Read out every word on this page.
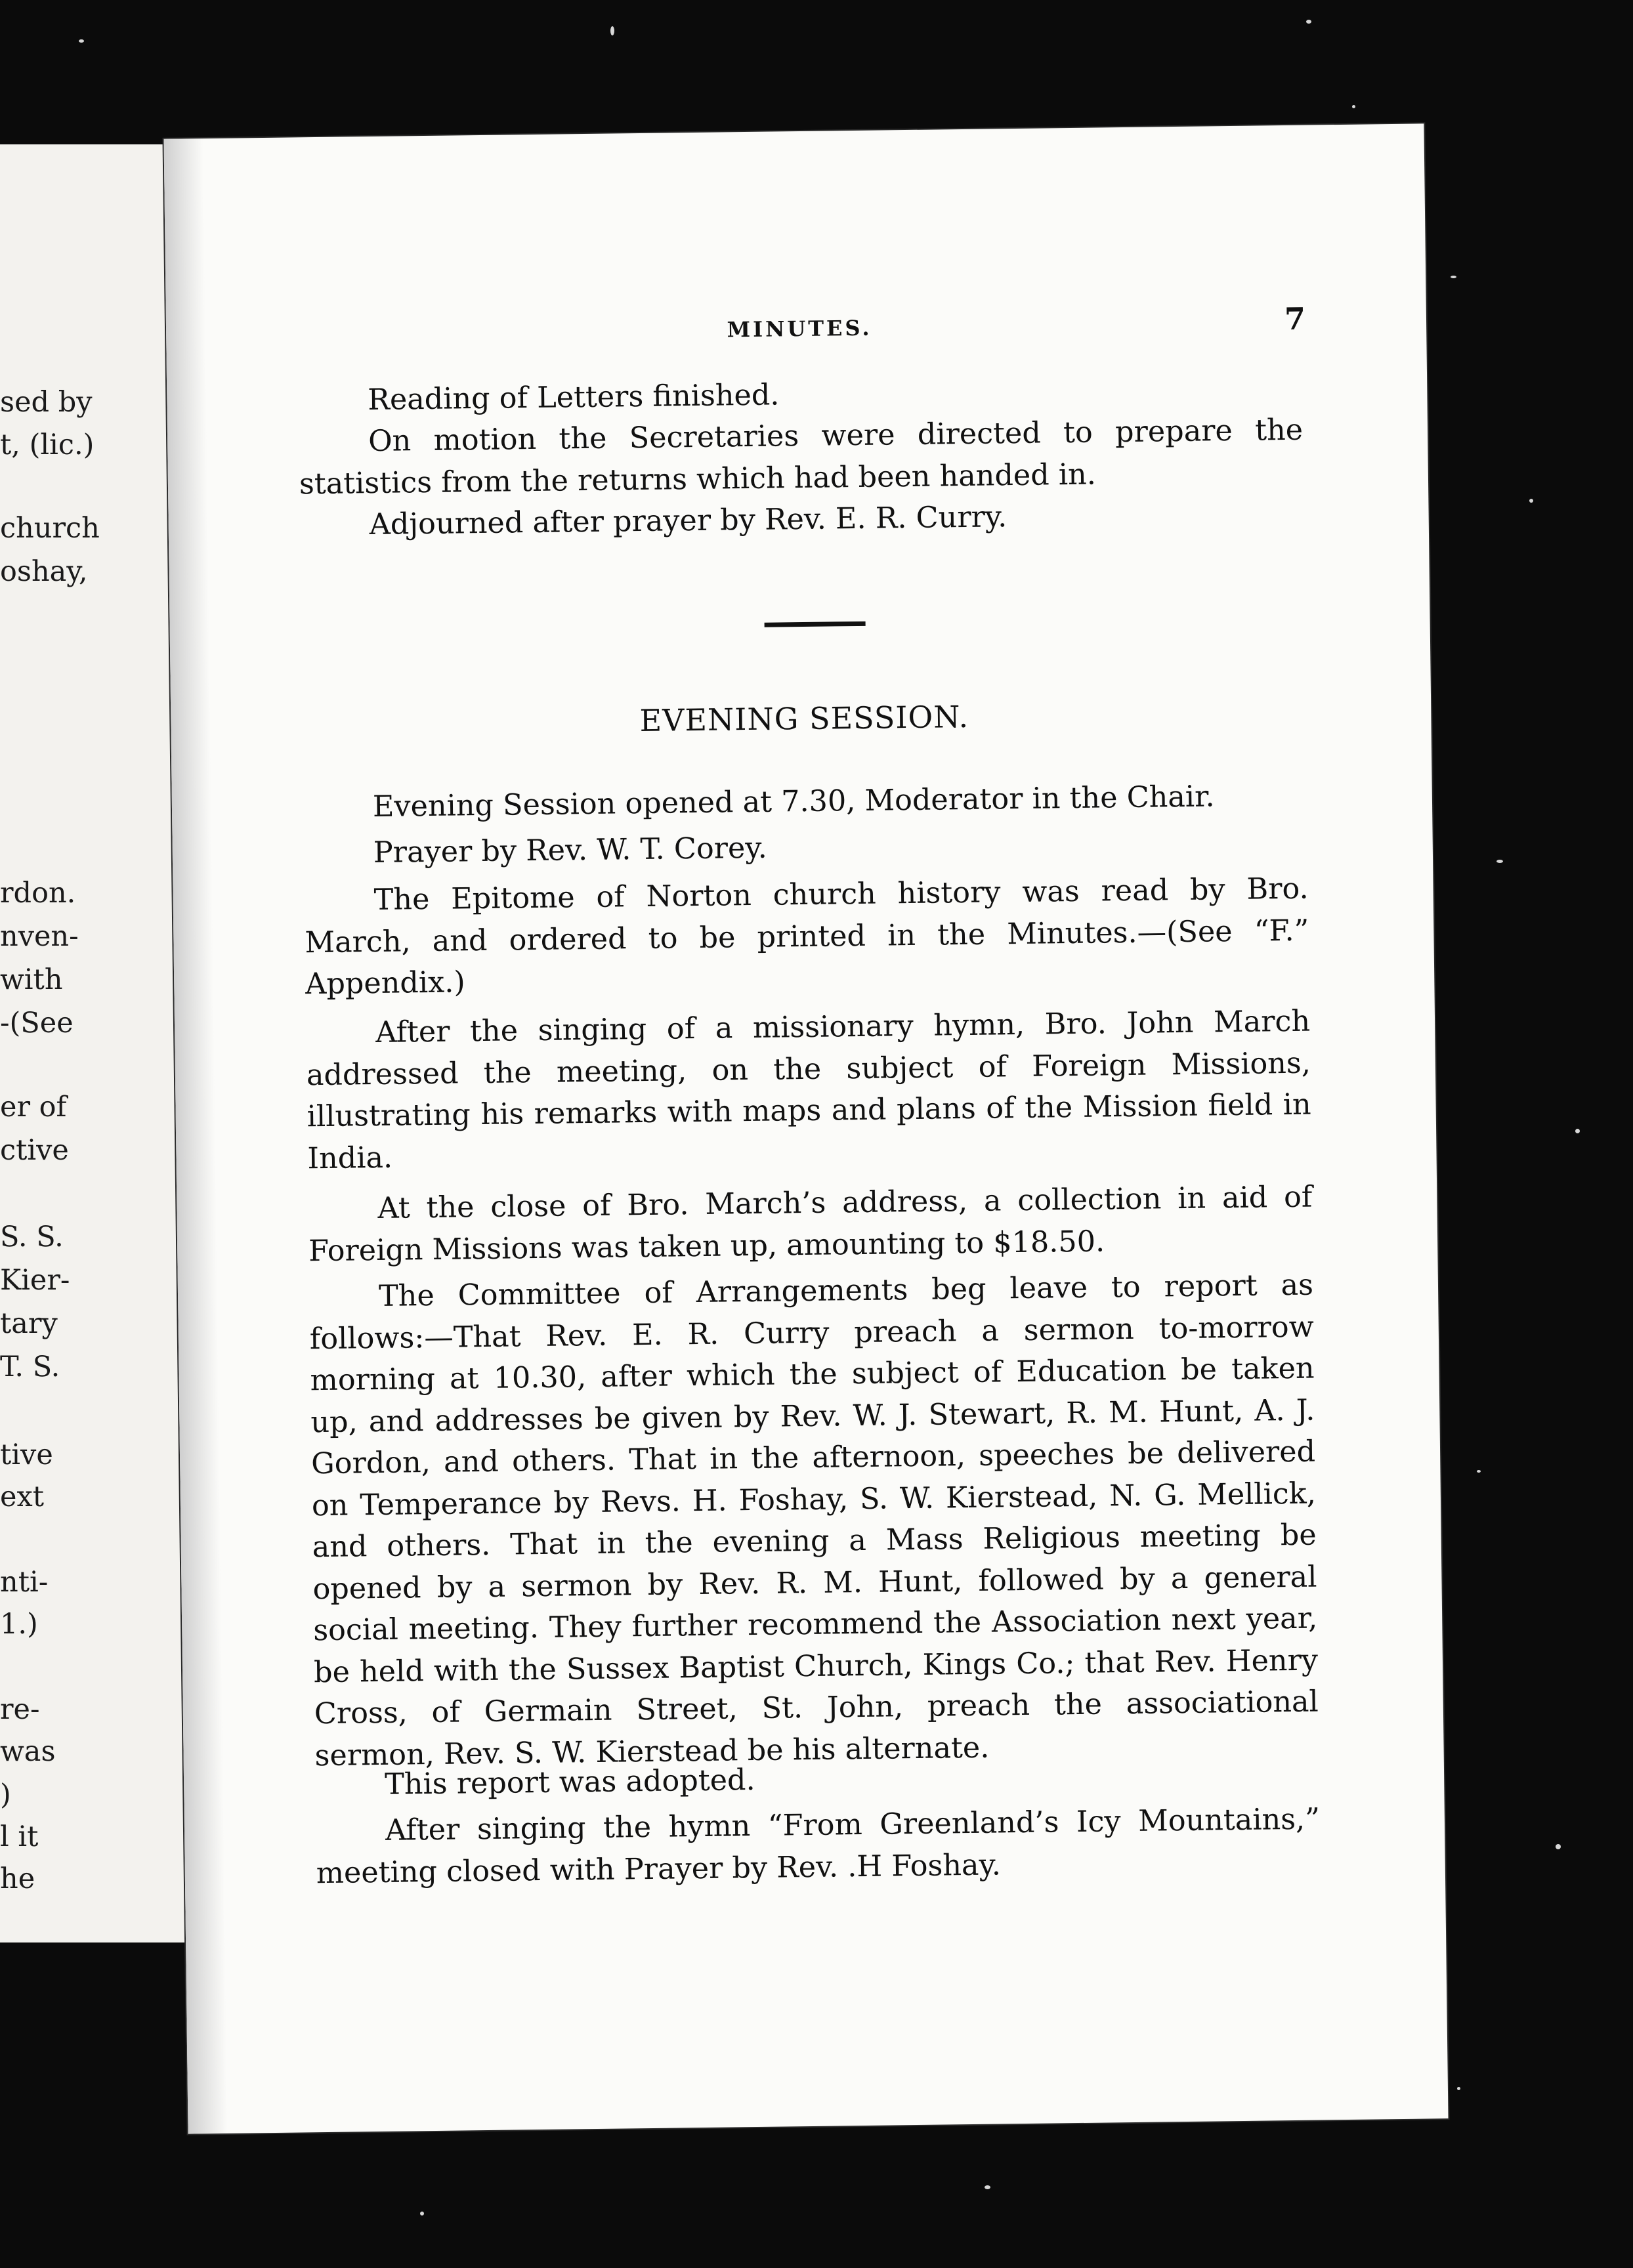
sed by
t, (lic.)
church
oshay,
rdon.
nven-
with
-(See
er of
ctive
S. S.
Kier-
tary
T. S.
tive
ext
nti-
1.)
re-
was
)
l it
he
MINUTES.	7

Reading of Letters finished.

On motion the Secretaries were directed to prepare the statistics from the returns which had been handed in.

Adjourned after prayer by Rev. E. R. Curry.

EVENING SESSION.

Evening Session opened at 7.30, Moderator in the Chair.

Prayer by Rev. W. T. Corey.

The Epitome of Norton church history was read by Bro. March, and ordered to be printed in the Minutes.—(See “F.” Appendix.)

After the singing of a missionary hymn, Bro. John March addressed the meeting, on the subject of Foreign Missions, illustrating his remarks with maps and plans of the Mission field in India.

At the close of Bro. March’s address, a collection in aid of Foreign Missions was taken up, amounting to $18.50.

The Committee of Arrangements beg leave to report as follows:—That Rev. E. R. Curry preach a sermon to-morrow morning at 10.30, after which the subject of Education be taken up, and addresses be given by Rev. W. J. Stewart, R. M. Hunt, A. J. Gordon, and others. That in the afternoon, speeches be delivered on Temperance by Revs. H. Foshay, S. W. Kierstead, N. G. Mellick, and others. That in the evening a Mass Religious meeting be opened by a sermon by Rev. R. M. Hunt, followed by a general social meeting. They further recommend the Association next year, be held with the Sussex Baptist Church, Kings Co.; that Rev. Henry Cross, of Germain Street, St. John, preach the associational sermon, Rev. S. W. Kierstead be his alternate.

This report was adopted.

After singing the hymn “From Greenland’s Icy Mountains,” meeting closed with Prayer by Rev. .H Foshay.
